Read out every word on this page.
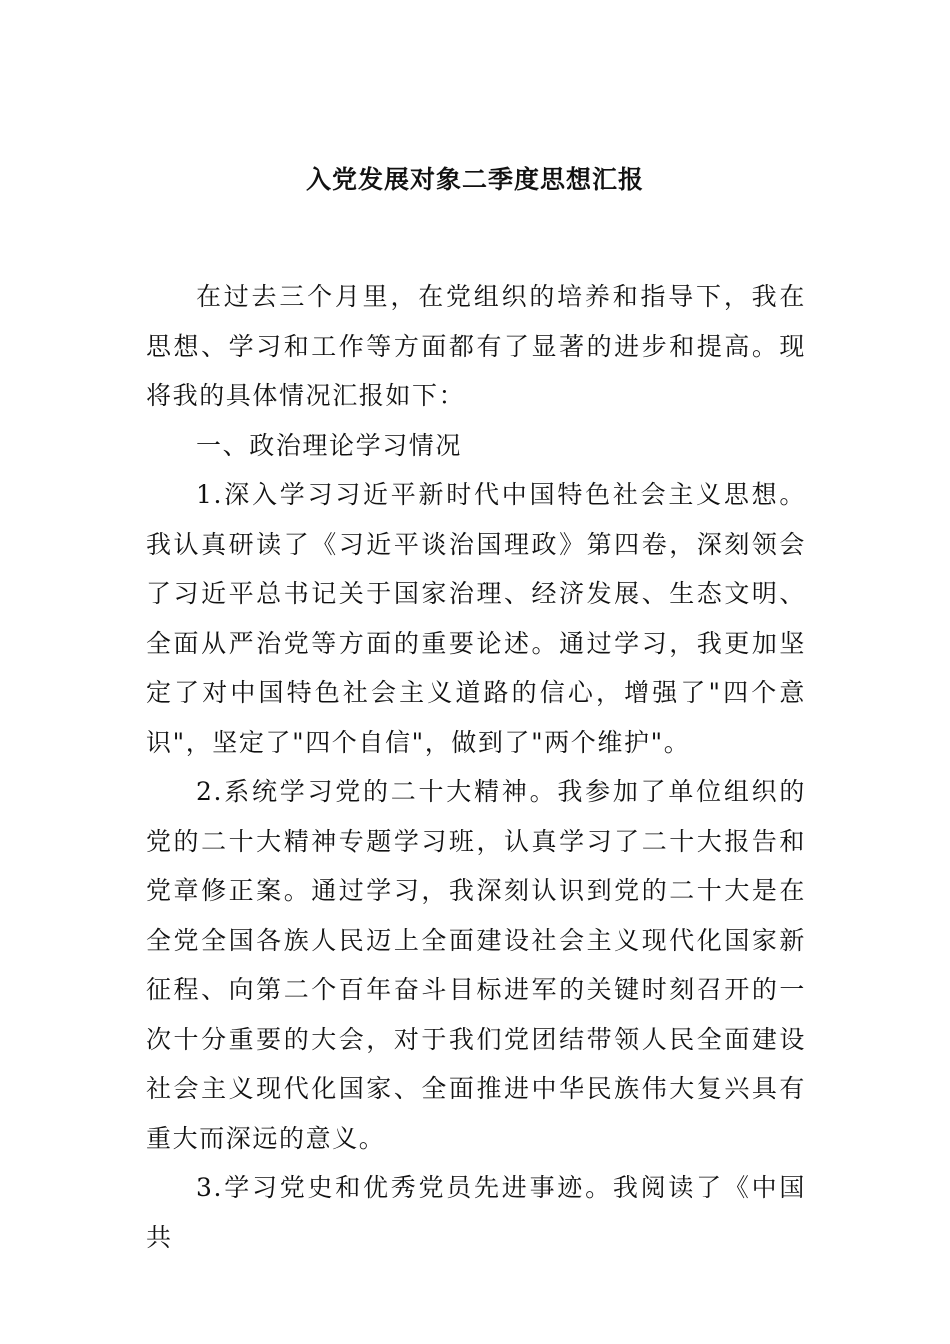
入党发展对象二季度思想汇报

在过去三个月里，在党组织的培养和指导下，我在思想、学习和工作等方面都有了显著的进步和提高。现将我的具体情况汇报如下：

一、政治理论学习情况

1.深入学习习近平新时代中国特色社会主义思想。我认真研读了《习近平谈治国理政》第四卷，深刻领会了习近平总书记关于国家治理、经济发展、生态文明、全面从严治党等方面的重要论述。通过学习，我更加坚定了对中国特色社会主义道路的信心，增强了"四个意识"，坚定了"四个自信"，做到了"两个维护"。

2.系统学习党的二十大精神。我参加了单位组织的党的二十大精神专题学习班，认真学习了二十大报告和党章修正案。通过学习，我深刻认识到党的二十大是在全党全国各族人民迈上全面建设社会主义现代化国家新征程、向第二个百年奋斗目标进军的关键时刻召开的一次十分重要的大会，对于我们党团结带领人民全面建设社会主义现代化国家、全面推进中华民族伟大复兴具有重大而深远的意义。

3.学习党史和优秀党员先进事迹。我阅读了《中国共
